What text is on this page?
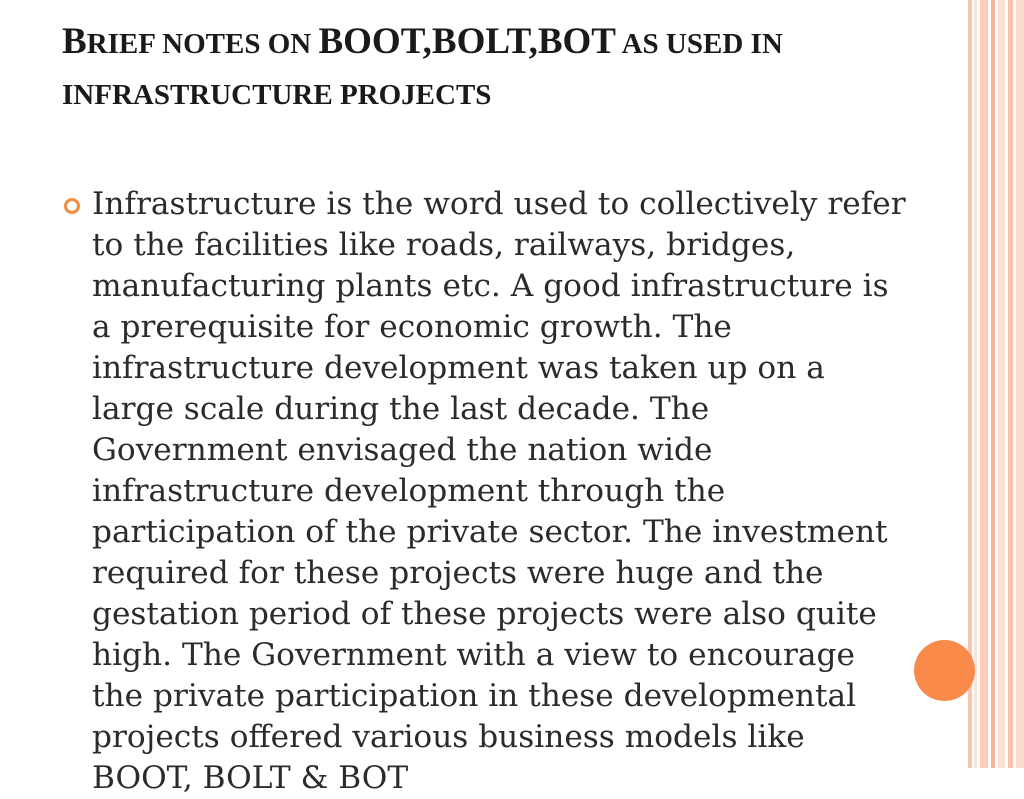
BRIEF NOTES ON BOOT,BOLT,BOT AS USED IN INFRASTRUCTURE PROJECTS
Infrastructure is the word used to collectively refer to the facilities like roads, railways, bridges, manufacturing plants etc. A good infrastructure is a prerequisite for economic growth. The infrastructure development was taken up on a large scale during the last decade. The Government envisaged the nation wide infrastructure development through the participation of the private sector. The investment required for these projects were huge and the gestation period of these projects were also quite high. The Government with a view to encourage the private participation in these developmental projects offered various business models like BOOT, BOLT & BOT
